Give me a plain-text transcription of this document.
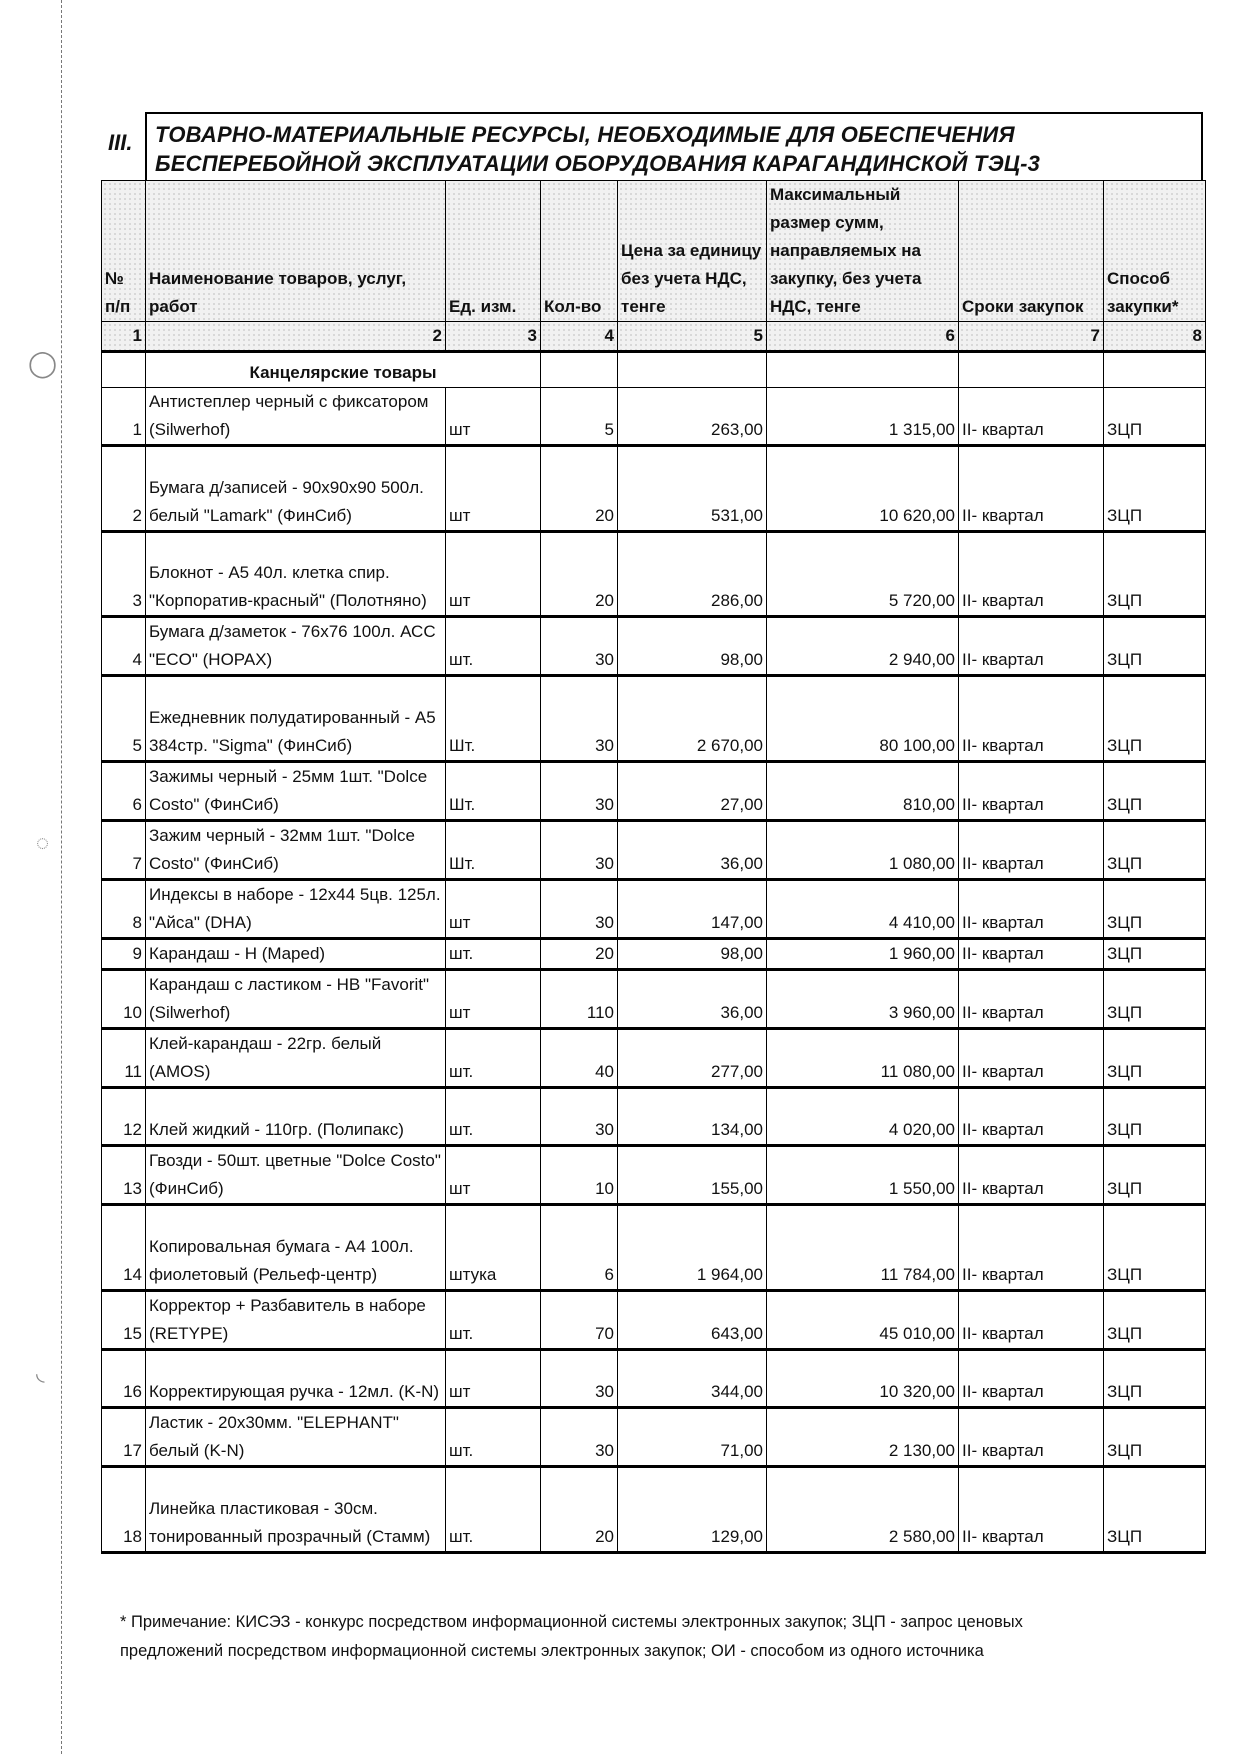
◯
◌
◟
III. ТОВАРНО-МАТЕРИАЛЬНЫЕ РЕСУРСЫ, НЕОБХОДИМЫЕ ДЛЯ ОБЕСПЕЧЕНИЯ
БЕСПЕРЕБОЙНОЙ ЭКСПЛУАТАЦИИ ОБОРУДОВАНИЯ КАРАГАНДИНСКОЙ ТЭЦ-3
№ п/п	Наименование товаров, услуг, работ	Ед. изм.	Кол-во	Цена за единицу без учета НДС, тенге	Максимальный размер сумм, направляемых на закупку, без учета НДС, тенге	Сроки закупок	Способ закупки*
1	2	3	4	5	6	7	8
	Канцелярские товары						
1	Антистеплер черный с фиксатором (Silwerhof)	шт	5	263,00	1 315,00	II- квартал	ЗЦП
2	Бумага д/записей - 90х90х90 500л. белый "Lamark" (ФинСиб)	шт	20	531,00	10 620,00	II- квартал	ЗЦП
3	Блокнот - А5 40л. клетка спир. "Корпоратив-красный" (Полотняно)	шт	20	286,00	5 720,00	II- квартал	ЗЦП
4	Бумага д/заметок - 76х76 100л. АСС "ECO" (HOPAX)	шт.	30	98,00	2 940,00	II- квартал	ЗЦП
5	Ежедневник полудатированный - А5 384стр. "Sigma" (ФинСиб)	Шт.	30	2 670,00	80 100,00	II- квартал	ЗЦП
6	Зажимы черный - 25мм 1шт. "Dolce Costo" (ФинСиб)	Шт.	30	27,00	810,00	II- квартал	ЗЦП
7	Зажим черный - 32мм 1шт. "Dolce Costo" (ФинСиб)	Шт.	30	36,00	1 080,00	II- квартал	ЗЦП
8	Индексы в наборе - 12х44 5цв. 125л. "Айса" (DHA)	шт	30	147,00	4 410,00	II- квартал	ЗЦП
9	Карандаш - H (Maped)	шт.	20	98,00	1 960,00	II- квартал	ЗЦП
10	Карандаш с ластиком - HB "Favorit" (Silwerhof)	шт	110	36,00	3 960,00	II- квартал	ЗЦП
11	Клей-карандаш - 22гр. белый (AMOS)	шт.	40	277,00	11 080,00	II- квартал	ЗЦП
12	Клей жидкий - 110гр. (Полипакс)	шт.	30	134,00	4 020,00	II- квартал	ЗЦП
13	Гвозди - 50шт. цветные "Dolce Costo" (ФинСиб)	шт	10	155,00	1 550,00	II- квартал	ЗЦП
14	Копировальная бумага - А4 100л. фиолетовый (Рельеф-центр)	штука	6	1 964,00	11 784,00	II- квартал	ЗЦП
15	Корректор + Разбавитель в наборе (RETYPE)	шт.	70	643,00	45 010,00	II- квартал	ЗЦП
16	Корректирующая ручка - 12мл. (K-N)	шт	30	344,00	10 320,00	II- квартал	ЗЦП
17	Ластик - 20х30мм. "ELEPHANT" белый (K-N)	шт.	30	71,00	2 130,00	II- квартал	ЗЦП
18	Линейка пластиковая - 30см. тонированный прозрачный (Стамм)	шт.	20	129,00	2 580,00	II- квартал	ЗЦП
* Примечание: КИСЭЗ - конкурс посредством информационной системы электронных закупок; ЗЦП - запрос ценовых предложений посредством информационной системы электронных закупок; ОИ - способом из одного источника
